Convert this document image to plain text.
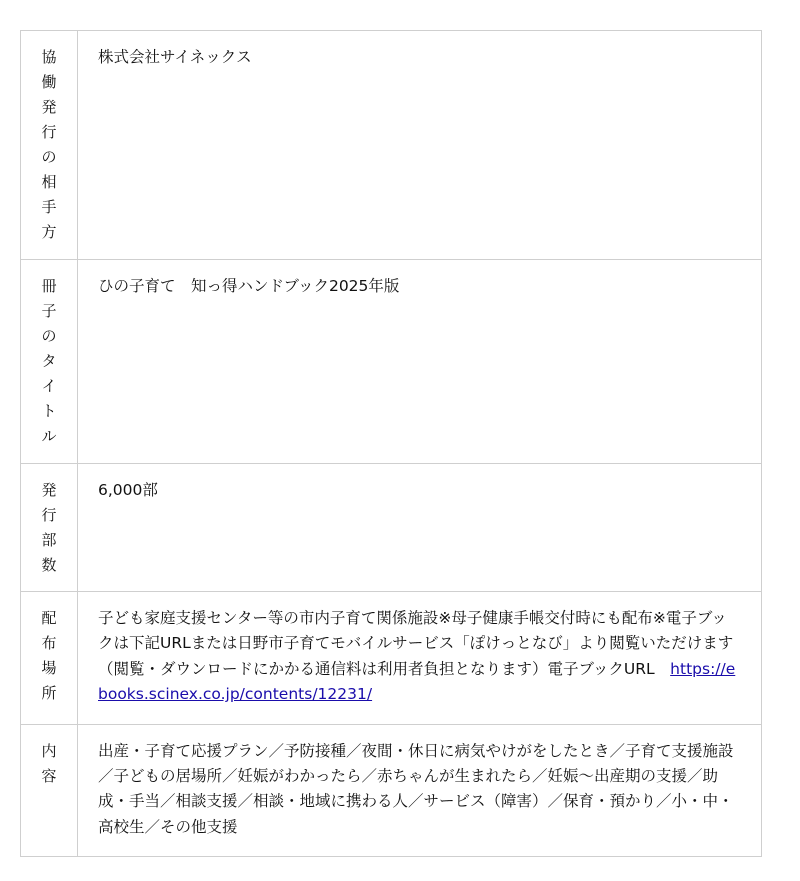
協働発行の相手方	株式会社サイネックス

冊子のタイトル	ひの子育て　知っ得ハンドブック2025年版

発行部数	6,000部

配布場所	子ども家庭支援センター等の市内子育て関係施設※母子健康手帳交付時にも配布※電子ブックは下記URLまたは日野市子育てモバイルサービス「ぽけっとなび」より閲覧いただけます（閲覧・ダウンロードにかかる通信料は利用者負担となります）電子ブックURL　https://ebooks.scinex.co.jp/contents/12231/

内容	出産・子育て応援プラン／予防接種／夜間・休日に病気やけがをしたとき／子育て支援施設／子どもの居場所／妊娠がわかったら／赤ちゃんが生まれたら／妊娠～出産期の支援／助成・手当／相談支援／相談・地域に携わる人／サービス（障害）／保育・預かり／小・中・高校生／その他支援
